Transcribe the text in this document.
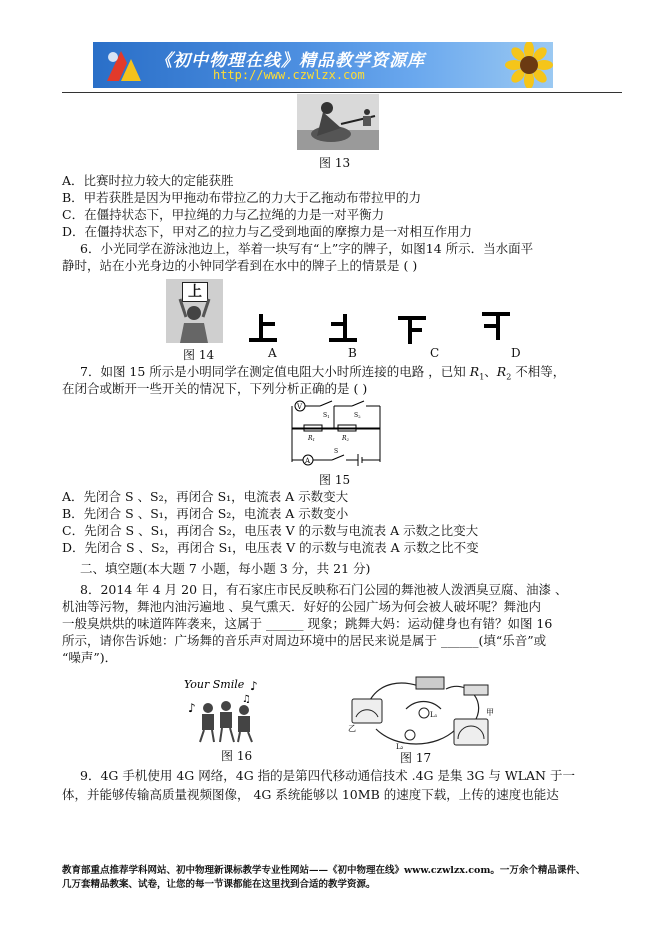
《初中物理在线》精品教学资源库
http://www.czwlzx.com
图 13
A．比赛时拉力较大的定能获胜
B．甲若获胜是因为甲拖动布带拉乙的力大于乙拖动布带拉甲的力
C．在僵持状态下，甲拉绳的力与乙拉绳的力是一对平衡力
D．在僵持状态下，甲对乙的拉力与乙受到地面的摩擦力是一对相互作用力
6．小光同学在游泳池边上，举着一块写有“上”字的牌子，如图14 所示．当水面平
静时，站在小光身边的小钟同学看到在水中的牌子上的情景是 ( )
上
图 14	A	B	C	D
7．如图 15 所示是小明同学在测定值电阻大小时所连接的电路 ，已知 $R_1$、$R_2$ 不相等，
在闭合或断开一些开关的情况下，下列分析正确的是 ( )
V
A
S1	S2
R1	R2
S
图 15
A．先闭合 S 、S₂，再闭合 S₁，电流表 A 示数变大
B．先闭合 S 、S₁，再闭合 S₂，电流表 A 示数变小
C．先闭合 S 、S₁，再闭合 S₂，电压表 V 的示数与电流表 A 示数之比变大
D．先闭合 S 、S₂，再闭合 S₁，电压表 V 的示数与电流表 A 示数之比不变
二、填空题(本大题 7 小题，每小题 3 分，共 21 分)
8．2014 年 4 月 20 日，有石家庄市民反映称石门公园的舞池被人泼洒臭豆腐、油漆 、
机油等污物，舞池内油污遍地 、臭气熏天．好好的公园广场为何会被人破坏呢？舞池内
一般臭烘烘的味道阵阵袭来，这属于 ______ 现象；跳舞大妈：运动健身也有错？如图 16
所示，请你告诉她：广场舞的音乐声对周边环境中的居民来说是属于 ______(填“乐音”或
“噪声”)．
Your Smile ♪
♫
♪
图 16
乙
甲
L₁
L₂
图 17
9．4G 手机使用 4G 网络，4G 指的是第四代移动通信技术 .4G 是集 3G 与 WLAN 于一
体，并能够传输高质量视频图像， 4G 系统能够以 10MB 的速度下载，上传的速度也能达
教育部重点推荐学科网站、初中物理新课标教学专业性网站——《初中物理在线》www.czwlzx.com。一万余个精品课件、
几万套精品教案、试卷，让您的每一节课都能在这里找到合适的教学资源。
